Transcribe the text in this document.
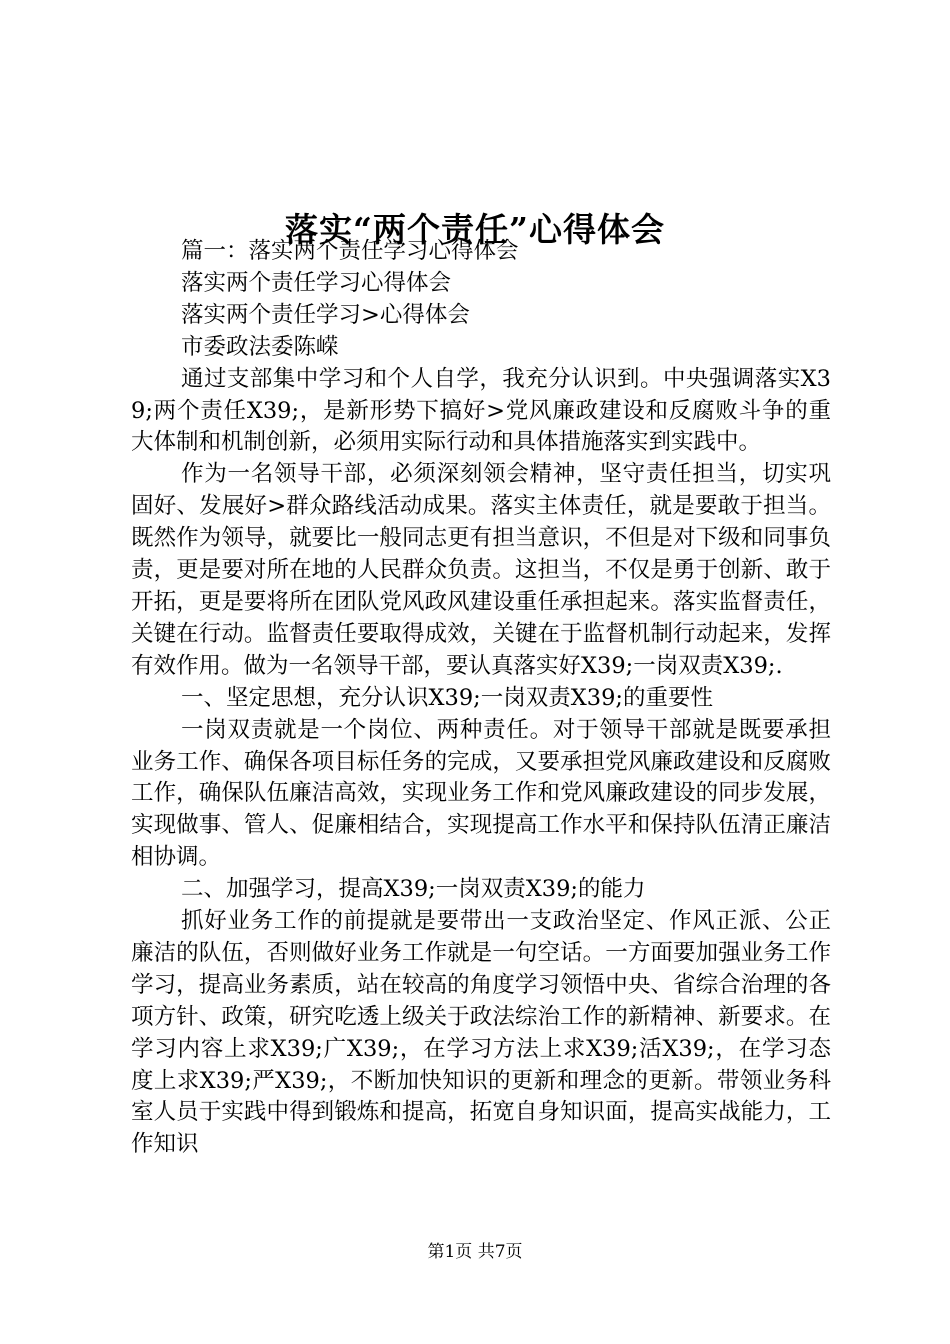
落实“两个责任”心得体会

篇一：落实两个责任学习心得体会

落实两个责任学习心得体会

落实两个责任学习>心得体会

市委政法委陈嵘

通过支部集中学习和个人自学，我充分认识到。中央强调落实X39;两个责任X39;，是新形势下搞好>党风廉政建设和反腐败斗争的重大体制和机制创新，必须用实际行动和具体措施落实到实践中。

作为一名领导干部，必须深刻领会精神，坚守责任担当，切实巩固好、发展好>群众路线活动成果。落实主体责任，就是要敢于担当。既然作为领导，就要比一般同志更有担当意识，不但是对下级和同事负责，更是要对所在地的人民群众负责。这担当，不仅是勇于创新、敢于开拓，更是要将所在团队党风政风建设重任承担起来。落实监督责任，关键在行动。监督责任要取得成效，关键在于监督机制行动起来，发挥有效作用。做为一名领导干部，要认真落实好X39;一岗双责X39;.

一、坚定思想，充分认识X39;一岗双责X39;的重要性

一岗双责就是一个岗位、两种责任。对于领导干部就是既要承担业务工作、确保各项目标任务的完成，又要承担党风廉政建设和反腐败工作，确保队伍廉洁高效，实现业务工作和党风廉政建设的同步发展，实现做事、管人、促廉相结合，实现提高工作水平和保持队伍清正廉洁相协调。

二、加强学习，提高X39;一岗双责X39;的能力

抓好业务工作的前提就是要带出一支政治坚定、作风正派、公正廉洁的队伍，否则做好业务工作就是一句空话。一方面要加强业务工作学习，提高业务素质，站在较高的角度学习领悟中央、省综合治理的各项方针、政策，研究吃透上级关于政法综治工作的新精神、新要求。在学习内容上求X39;广X39;，在学习方法上求X39;活X39;，在学习态度上求X39;严X39;，不断加快知识的更新和理念的更新。带领业务科室人员于实践中得到锻炼和提高，拓宽自身知识面，提高实战能力，工作知识

第1页 共7页
